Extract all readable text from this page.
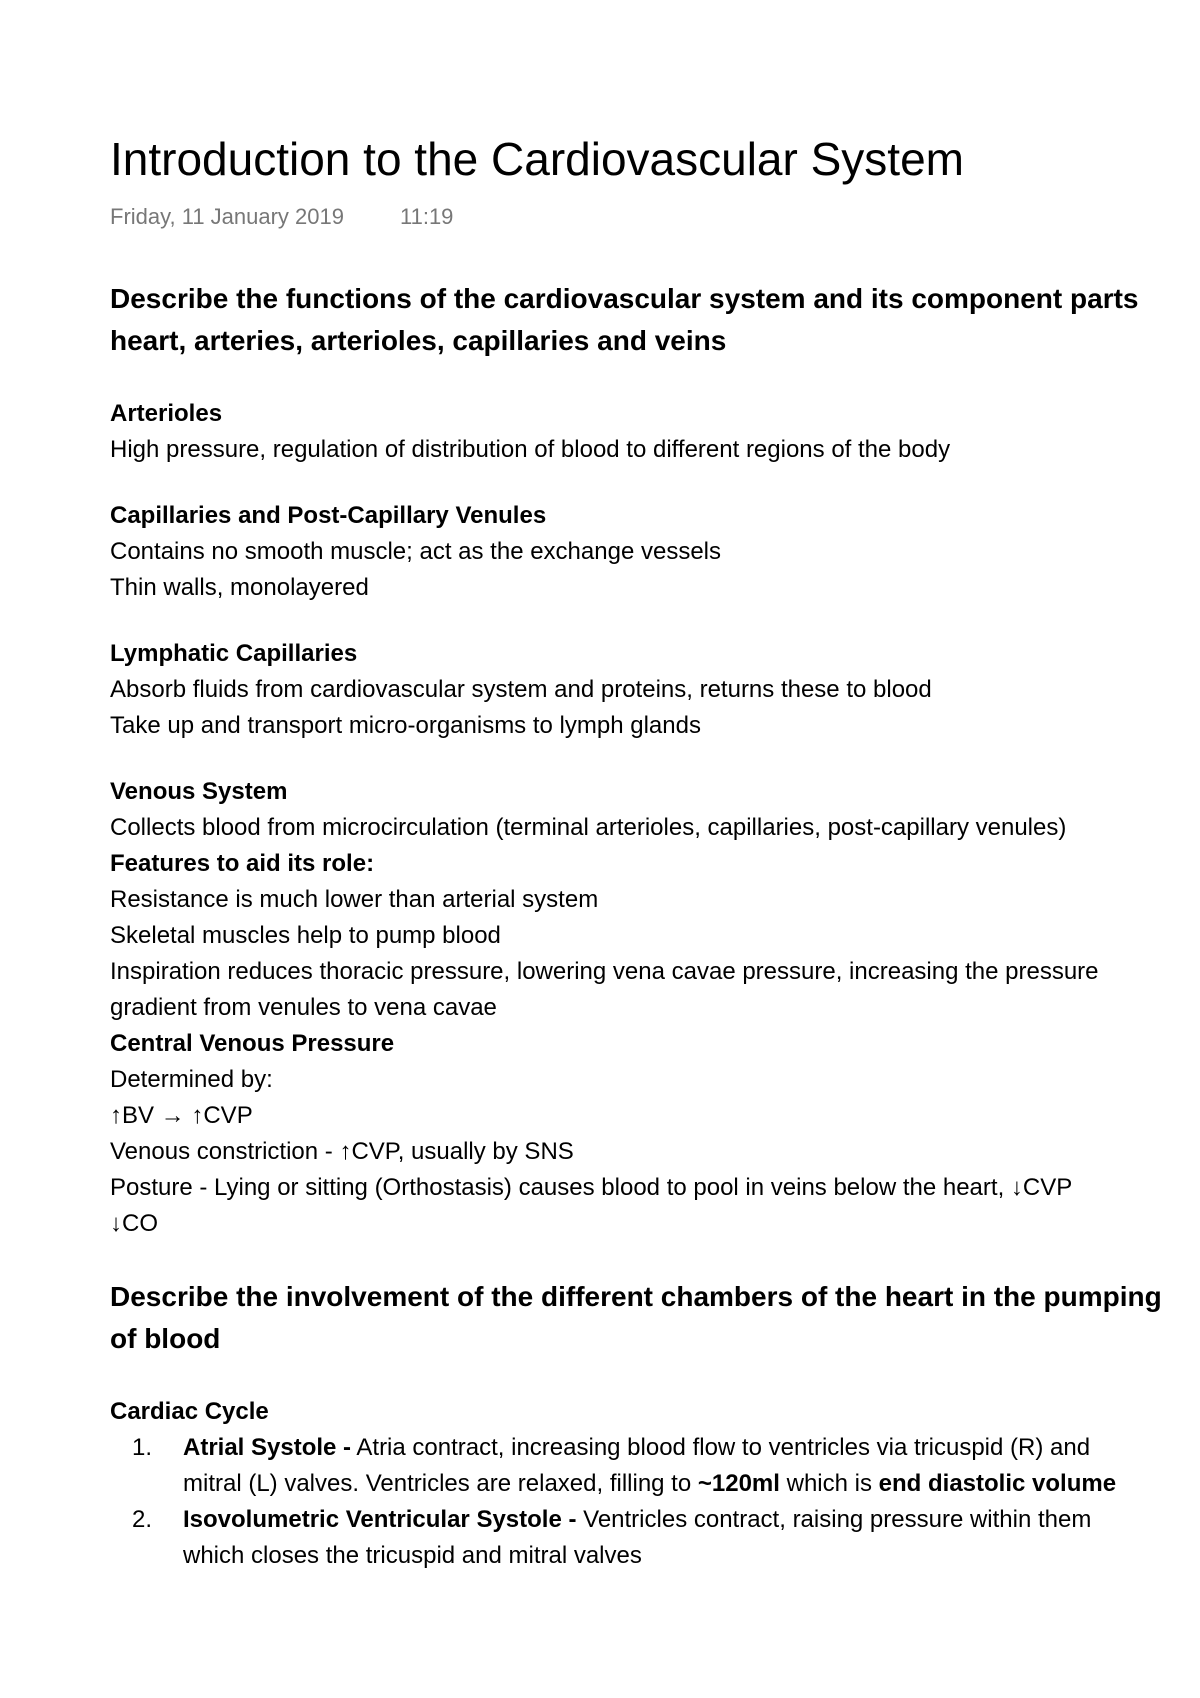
Introduction to the Cardiovascular System
Friday, 11 January 2019	11:19

Describe the functions of the cardiovascular system and its component parts

heart, arteries, arterioles, capillaries and veins

Arterioles

High pressure, regulation of distribution of blood to different regions of the body

Capillaries and Post-Capillary Venules

Contains no smooth muscle; act as the exchange vessels

Thin walls, monolayered

Lymphatic Capillaries

Absorb fluids from cardiovascular system and proteins, returns these to blood

Take up and transport micro-organisms to lymph glands

Venous System

Collects blood from microcirculation (terminal arterioles, capillaries, post-capillary venules)

Features to aid its role:

Resistance is much lower than arterial system

Skeletal muscles help to pump blood

Inspiration reduces thoracic pressure, lowering vena cavae pressure, increasing the pressure

gradient from venules to vena cavae

Central Venous Pressure

Determined by:

↑BV → ↑CVP

Venous constriction - ↑CVP, usually by SNS

Posture - Lying or sitting (Orthostasis) causes blood to pool in veins below the heart, ↓CVP

↓CO

Describe the involvement of the different chambers of the heart in the pumping

of blood

Cardiac Cycle

1. Atrial Systole - Atria contract, increasing blood flow to ventricles via tricuspid (R) and
mitral (L) valves. Ventricles are relaxed, filling to ~120ml which is end diastolic volume
2. Isovolumetric Ventricular Systole - Ventricles contract, raising pressure within them
which closes the tricuspid and mitral valves
